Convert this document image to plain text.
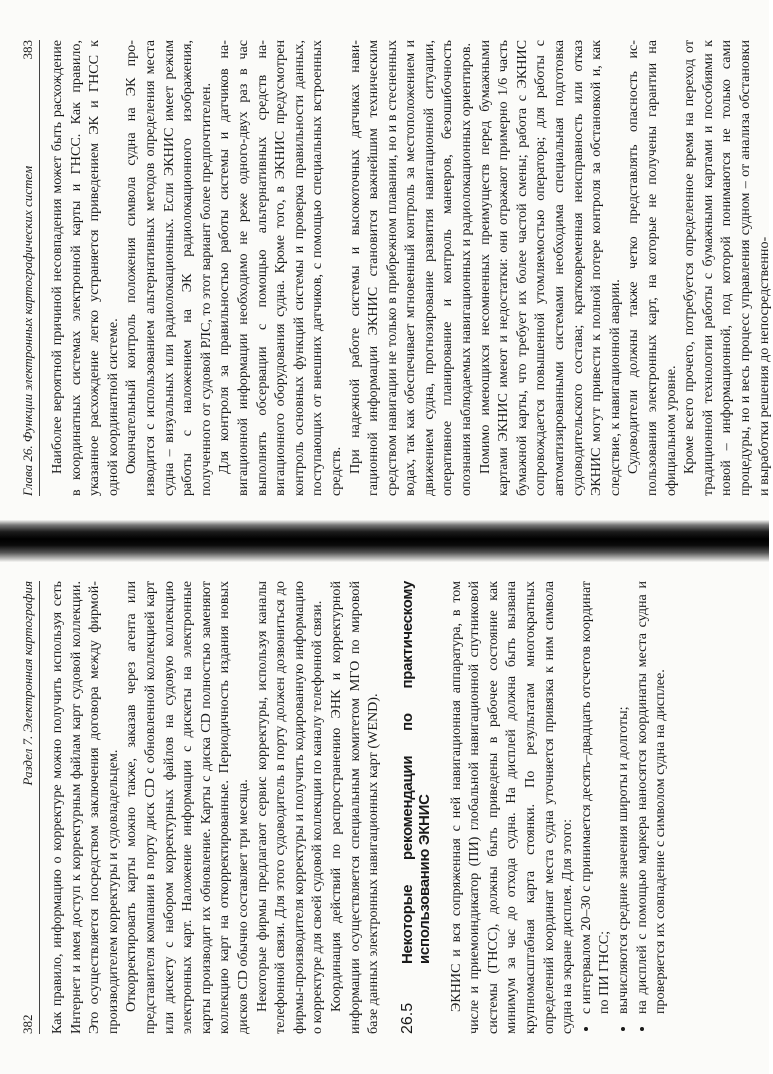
382
Раздел 7. Электронная картография Как правило, информацию о корректуре можно получить используя сеть Интернет и имея доступ к корректурным файлам карт судовой коллекции. Это осуществляется посредством заключения договора между фирмой-производителем корректуры и судовладельцем. Откорректировать карты можно также, заказав через агента или представителя компании в порту диск CD с обновленной коллекцией карт или дискету с набором корректурных файлов на судовую коллекцию электронных карт. Наложение информации с дискеты на электронные карты производит их обновление. Карты с диска CD полностью заменяют коллекцию карт на откорректированные. Периодичность издания новых дисков CD обычно составляет три месяца. Некоторые фирмы предлагают сервис корректуры, используя каналы телефонной связи. Для этого судоводитель в порту должен дозвониться до фирмы-производителя корректуры и получить кодированную информацию о корректуре для своей судовой коллекции по каналу телефонной связи. Координация действий по распространению ЭНК и корректурной информации осуществляется специальным комитетом МГО по мировой базе данных электронных навигационных карт (WEND). 26.5
Некоторые рекомендации по практическому использованию ЭКНИС ЭКНИС и вся сопряженная с ней навигационная аппаратура, в том числе и приемоиндикатор (ПИ) глобальной навигационной спутниковой системы (ГНСС), должны быть приведены в рабочее состояние как минимум за час до отхода судна. На дисплей должна быть вызвана крупномасштабная карта стоянки. По результатам многократных определений координат места судна уточняется привязка к ним символа судна на экране дисплея. Для этого: • с интервалом 20–30 с принимается десять–двадцать отсчетов координат по ПИ ГНСС; • вычисляются средние значения широты и долготы; • на дисплей с помощью маркера наносятся координаты места судна и проверяется их совпадение с символом судна на дисплее.
Глава 26. Функции электронных картографических систем
383 Наиболее вероятной причиной несовпадения может быть расхождение в координатных системах электронной карты и ГНСС. Как правило, указанное расхождение легко устраняется приведением ЭК и ГНСС к одной координатной системе. Окончательный контроль положения символа судна на ЭК производится с использованием альтернативных методов определения места судна – визуальных или радиолокационных. Если ЭКНИС имеет режим работы с наложением на ЭК радиолокационного изображения, полученного от судовой РЛС, то этот вариант более предпочтителен. Для контроля за правильностью работы системы и датчиков навигационной информации необходимо не реже одного-двух раз в час выполнять обсервации с помощью альтернативных средств навигационного оборудования судна. Кроме того, в ЭКНИС предусмотрен контроль основных функций системы и проверка правильности данных, поступающих от внешних датчиков, с помощью специальных встроенных средств. При надежной работе системы и высокоточных датчиках навигационной информации ЭКНИС становится важнейшим техническим средством навигации не только в прибрежном плавании, но и в стесненных водах, так как обеспечивает мгновенный контроль за местоположением и движением судна, прогнозирование развития навигационной ситуации, оперативное планирование и контроль маневров, безошибочность опознания наблюдаемых навигационных и радиолокационных ориентиров. Помимо имеющихся несомненных преимуществ перед бумажными картами ЭКНИС имеют и недостатки: они отражают примерно 1/6 часть бумажной карты, что требует их более частой смены; работа с ЭКНИС сопровождается повышенной утомляемостью оператора; для работы с автоматизированными системами необходима специальная подготовка судоводительского состава; кратковременная неисправность или отказ ЭКНИС могут привести к полной потере контроля за обстановкой и, как следствие, к навигационной аварии. Судоводители должны также четко представлять опасность использования электронных карт, на которые не получены гарантии на официальном уровне. Кроме всего прочего, потребуется определенное время на переход от традиционной технологии работы с бумажными картами и пособиями к новой – информационной, под которой понимаются не только сами процедуры, но и весь процесс управления судном – от анализа обстановки и выработки решения до непосредственно-
